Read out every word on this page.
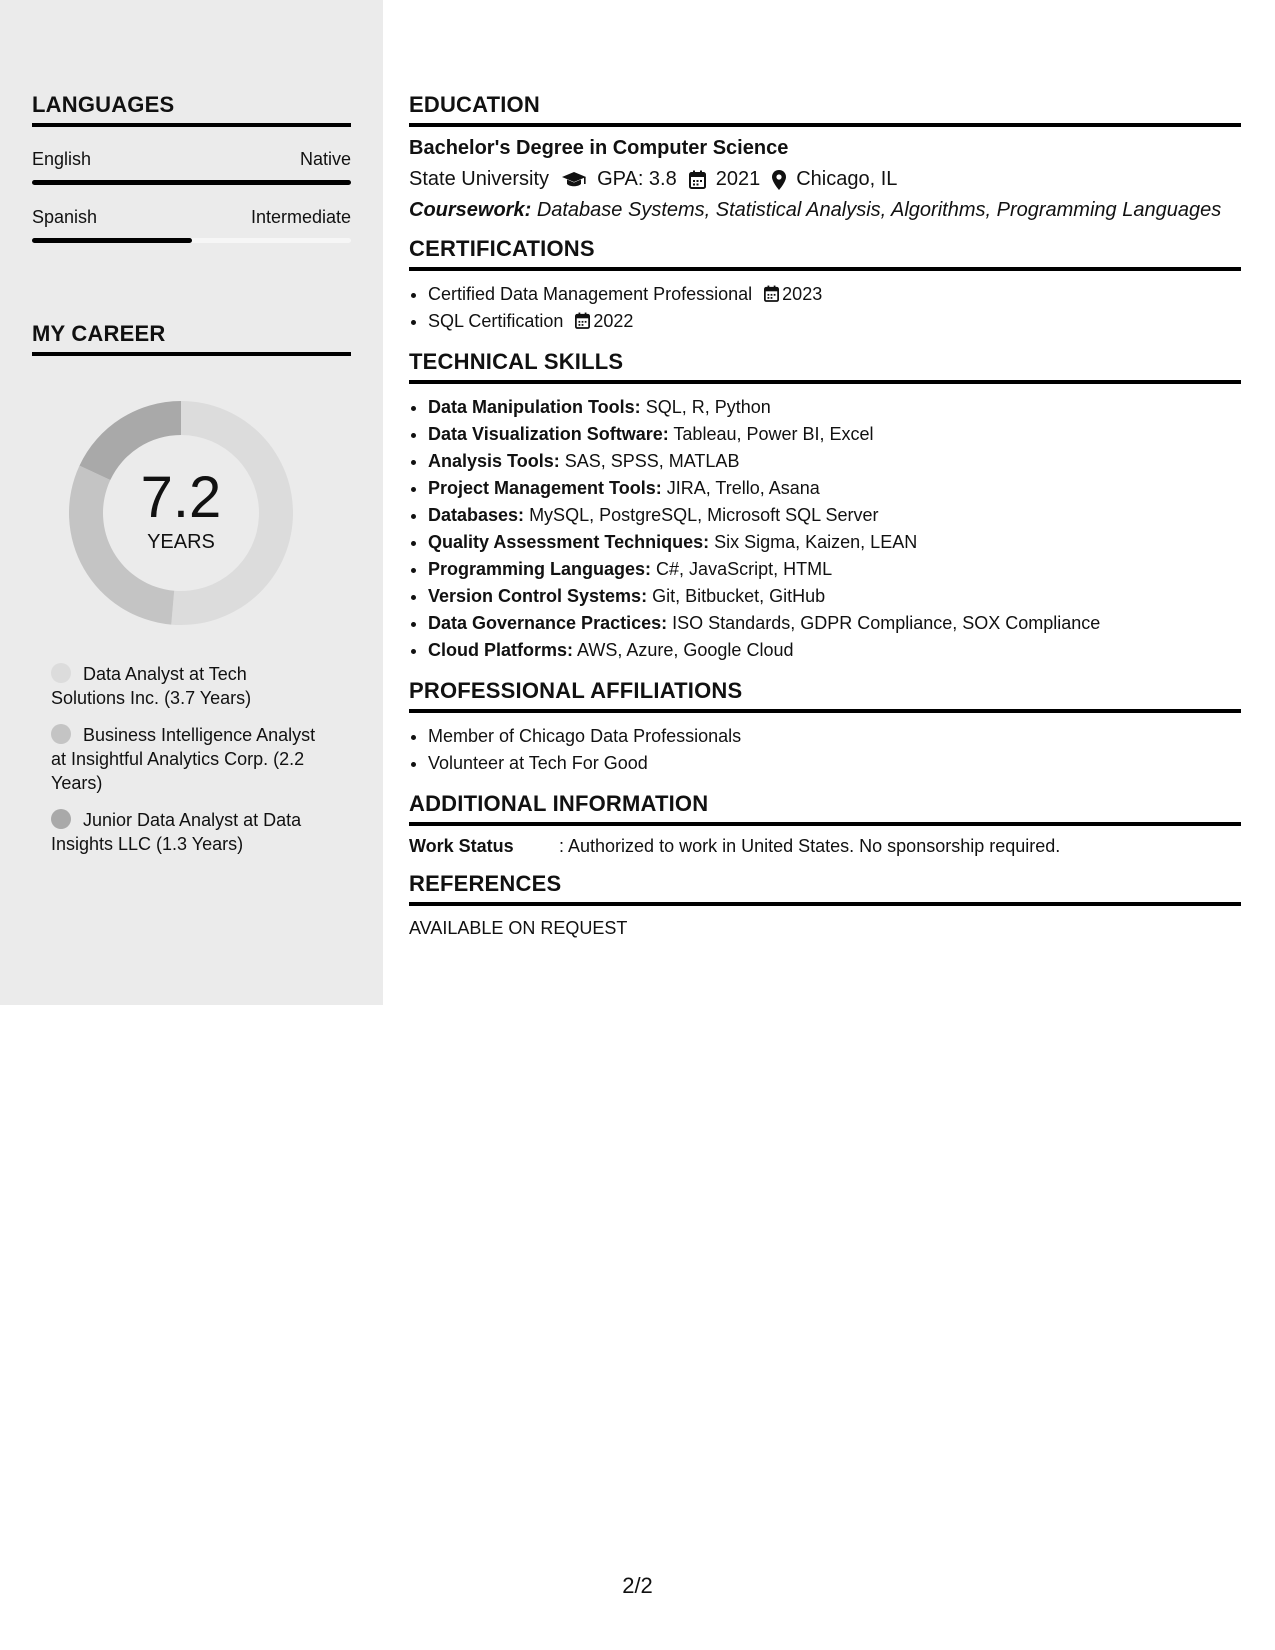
LANGUAGES
English	Native
Spanish	Intermediate
MY CAREER
7.2
YEARS
Data Analyst at Tech Solutions Inc. (3.7 Years)
Business Intelligence Analyst at Insightful Analytics Corp. (2.2 Years)
Junior Data Analyst at Data Insights LLC (1.3 Years)
EDUCATION
Bachelor's Degree in Computer Science
State University GPA: 3.8 2021 Chicago, IL
Coursework: Database Systems, Statistical Analysis, Algorithms, Programming Languages
CERTIFICATIONS
• Certified Data Management Professional 2023
• SQL Certification 2022
TECHNICAL SKILLS
• Data Manipulation Tools: SQL, R, Python
• Data Visualization Software: Tableau, Power BI, Excel
• Analysis Tools: SAS, SPSS, MATLAB
• Project Management Tools: JIRA, Trello, Asana
• Databases: MySQL, PostgreSQL, Microsoft SQL Server
• Quality Assessment Techniques: Six Sigma, Kaizen, LEAN
• Programming Languages: C#, JavaScript, HTML
• Version Control Systems: Git, Bitbucket, GitHub
• Data Governance Practices: ISO Standards, GDPR Compliance, SOX Compliance
• Cloud Platforms: AWS, Azure, Google Cloud
PROFESSIONAL AFFILIATIONS
• Member of Chicago Data Professionals
• Volunteer at Tech For Good
ADDITIONAL INFORMATION
Work Status	: Authorized to work in United States. No sponsorship required.
REFERENCES
AVAILABLE ON REQUEST
2/2
